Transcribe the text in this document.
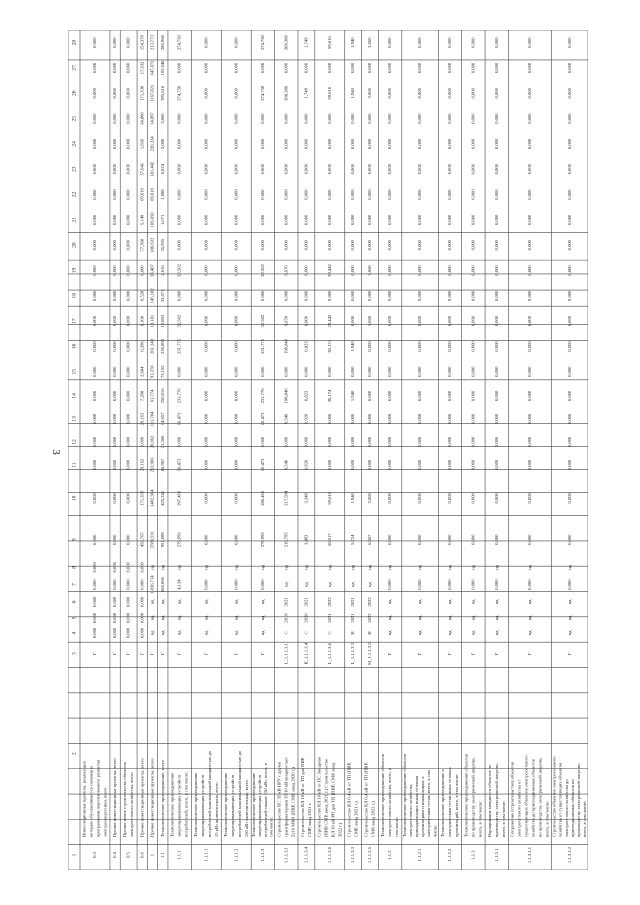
3
1
2
3
4
5
6
7
8
9
10
11
12
13
14
15
16
17
18
19
20
21
22
23
24
25
26
27
28
0.3
Инвестиционные проекты, реализация которых обуславливается схемами и программами перспективного развития электроэнергетики, всего
Г
0,000
0,000
0,000
0,000
0,000
0,000
0,000
0,000
0,000
0,000
0,000
0,000
0,000
0,000
0,000
0,000
0,000
0,000
0,000
0,000
0,000
0,000
0,000
0,000
0,000
0.4
Прочие инвестиционные проекты, всего
Г
0,000
0,000
0,000
0,000
0,000
0,000
0,000
0,000
0,000
0,000
0,000
0,000
0,000
0,000
0,000
0,000
0,000
0,000
0,000
0,000
0,000
0,000
0,000
0,000
0,000
0.5
Прочие новое строительство объектов электросетевого хозяйства, всего
Г
0,000
0,000
0,000
0,000
0,000
0,000
0,000
0,000
0,000
0,000
0,000
0,000
0,000
0,000
0,000
0,000
0,000
0,000
0,000
0,000
0,000
0,000
0,000
0,000
0,000
0.6
Прочие инвестиционные проекты, всего
Г
0,000
0,000
0,000
0,000
0,000
456,767
171,359
29,162
0,000
29,162
7,298
2,684
0,296
0,108
0,528
0,000
77,368
5,149
69,019
57,641
1,836
34,800
171,330
17,632
154,378
1
Прочие инвестиционные проекты, всего
Г
нд
нд
нд
1 836,714
нд
2789,531
1482,304
253,906
20,062
111,784
61,774
91,378
261,343
18,181
145,182
36,407
180,632
106,650
69,018
181,442
220,334
14,897
1167,821
647,872
213,773
1.1
Технологическое присоединение, всего
Г
нд
нд
нд
668,606
нд
951,089
425,241
86,967
21,360
14,657
250,016
73,155
236,893
12,803
33,071
2,616
35,935
1,071
1,088
6,024
2,080
3,866
395,616
105,646
286,968
1.1.1
Технологическое присоединение энергопринимающих устройств потребителей, всего, в том числе:
Г
нд
нд
нд
4,134
нд
279,993
297,450
10,473
0,000
10,473
231,776
0,000
231,776
32,502
0,000
32,502
0,000
0,000
0,000
0,000
0,000
0,000
274,750
0,000
274,750
1.1.1.1
Технологическое присоединение энергопринимающих устройств потребителей максимальной мощностью до 15 кВт включительно, всего
Г
нд
нд
нд
0,000
нд
0,000
0,000
0,000
0,000
0,000
0,000
0,000
0,000
0,000
0,000
0,000
0,000
0,000
0,000
0,000
0,000
0,000
0,000
0,000
0,000
1.1.1.2
Технологическое присоединение энергопринимающих устройств потребителей максимальной мощностью до 150 кВт включительно, всего
Г
нд
нд
нд
0,000
нд
0,000
0,000
0,000
0,000
0,000
0,000
0,000
0,000
0,000
0,000
0,000
0,000
0,000
0,000
0,000
0,000
0,000
0,000
0,000
0,000
1.1.1.3
Технологическое присоединение энергопринимающих устройств потребителей свыше 150 кВт, всего, в том числе:
Г
нд
нд
нд
0,000
нд
279,993
286,450
10,473
0,000
10,473
231,776
0,000
231,776
32,502
0,000
32,502
0,000
0,000
0,000
0,000
0,000
0,000
274,750
0,000
274,750
1.1.1.3.1
Строительство ПС 35 кВ ПРУ с двумя трансформаторами 35/10 кВ мощностью 2х10 МВА (ПИР, СМР, ввод 2020 г.)
L_1.1.1.3.1
С
2019
2021
нд
нд
219,795
217,594
9,546
0,000
9,546
198,840
0,000
198,840
9,670
0,000
9,670
0,000
0,000
0,000
0,000
0,000
0,000
208,386
0,000
208,386
1.1.1.3.4
Строительство КЛ 10 кВ от ТП для ПИР, СМР, ввод 2021 г.
К_1.1.1.3.4
С
2020
2021
нд
нд
3,493
3,349
0,926
0,000
0,926
0,822
0,000
0,822
0,000
0,000
0,000
0,000
0,000
0,000
0,000
0,000
0,000
1,749
0,000
1,749
1.1.1.3.6
Строительство КЛ 10 кВ от ПС Звездная (ПИР, СМР, ввод 2021 г.) Строительство КЛ 10 кВ РП для ТП (ПИР, СМР, ввод 2022 г.)
L_1.1.1.3.6
С
2021
2022
нд
нд
56,017
59,616
0,000
0,000
0,000
30,174
0,000
30,174
29,442
0,000
29,442
0,000
0,000
0,000
0,000
0,000
0,000
59,616
0,000
59,616
1.1.1.3.3
Строительство КЛ 0,4 кВ от ТП (ПИР, СМР, ввод 2021 г.)
L_1.1.1.3.3
Н
2021
2021
нд
нд
5,724
1,940
0,000
0,000
0,000
1,940
0,000
1,940
0,000
0,000
0,000
0,000
0,000
0,000
0,000
0,000
0,000
1,940
0,000
1,940
1.1.1.3.5
Строительство КЛ 0,4 кВ от ТП (ПИР, СМР, ввод 2022 г.)
М_1.1.1.3.5
Н
2022
2022
нд
нд
6,867
3,060
0,000
0,000
0,000
0,000
0,000
0,000
3,060
0,000
3,060
0,000
0,000
0,000
0,000
0,000
0,000
3,060
0,000
3,060
1.1.2
Технологическое присоединение объектов электросетевого хозяйства, всего, в том числе:
Г
нд
нд
нд
0,000
нд
0,000
0,000
0,000
0,000
0,000
0,000
0,000
0,000
0,000
0,000
0,000
0,000
0,000
0,000
0,000
0,000
0,000
0,000
0,000
0,000
1.1.2.1
Технологическое присоединение объектов электросетевого хозяйства, принадлежащих иным сетевым организациям и иным лицам, к электрическим сетям, всего, в том числе:
Г
нд
нд
нд
0,000
нд
0,000
0,000
0,000
0,000
0,000
0,000
0,000
0,000
0,000
0,000
0,000
0,000
0,000
0,000
0,000
0,000
0,000
0,000
0,000
0,000
1.1.2.2
Технологическое присоединение к электрическим сетям иных сетевых организаций, всего, в том числе:
Г
нд
нд
нд
0,000
нд
0,000
0,000
0,000
0,000
0,000
0,000
0,000
0,000
0,000
0,000
0,000
0,000
0,000
0,000
0,000
0,000
0,000
0,000
0,000
0,000
1.1.3
Технологическое присоединение объектов по производству электрической энергии, всего, в том числе:
Г
нд
нд
нд
0,000
нд
0,000
0,000
0,000
0,000
0,000
0,000
0,000
0,000
0,000
0,000
0,000
0,000
0,000
0,000
0,000
0,000
0,000
0,000
0,000
0,000
1.1.3.1
Наращивание мощности объектов по производству электрической энергии, всего, в том числе:
Г
нд
нд
нд
0,000
нд
0,000
0,000
0,000
0,000
0,000
0,000
0,000
0,000
0,000
0,000
0,000
0,000
0,000
0,000
0,000
0,000
0,000
0,000
0,000
0,000
1.1.3.1.1
Сооружение (строительство) объектов электросетевого хозяйства от существующих объектов электросетевого хозяйства до присоединяемых объектов по производству электрической энергии, всего, в том числе:
Г
нд
нд
нд
0,000
нд
0,000
0,000
0,000
0,000
0,000
0,000
0,000
0,000
0,000
0,000
0,000
0,000
0,000
0,000
0,000
0,000
0,000
0,000
0,000
0,000
1.1.3.1.2
Строительство объектов электросетевого хозяйства от существующих объектов электросетевого хозяйства до присоединяемых объектов по производству электрической энергии, всего, в том числе:
Г
нд
нд
нд
0,000
нд
0,000
0,000
0,000
0,000
0,000
0,000
0,000
0,000
0,000
0,000
0,000
0,000
0,000
0,000
0,000
0,000
0,000
0,000
0,000
0,000
